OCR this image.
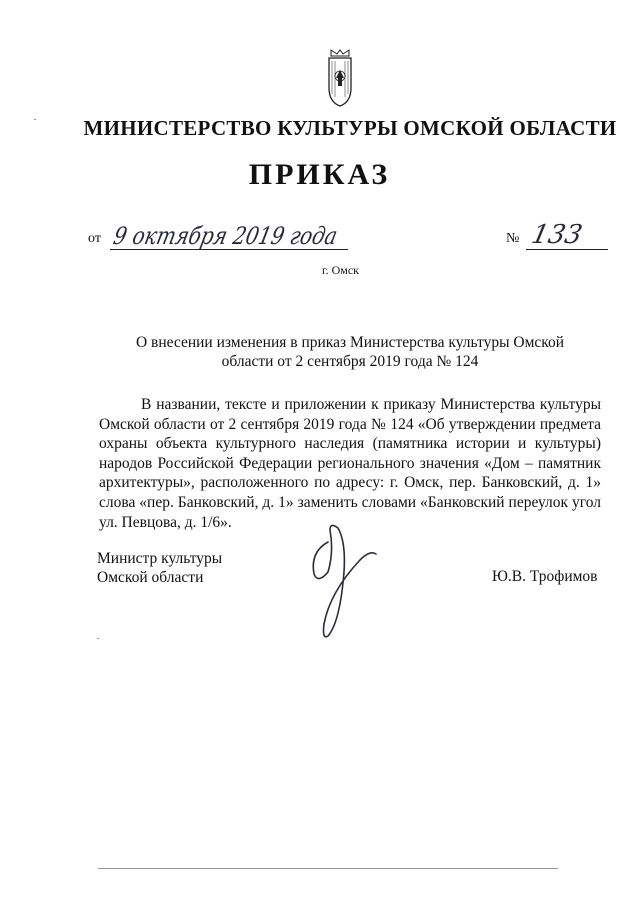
МИНИСТЕРСТВО КУЛЬТУРЫ ОМСКОЙ ОБЛАСТИ
ПРИКАЗ
от 9 октября 2019 года	№ 133
г. Омск
О внесении изменения в приказ Министерства культуры Омской
области от 2 сентября 2019 года № 124

В названии, тексте и приложении к приказу Министерства культуры Омской области от 2 сентября 2019 года № 124 «Об утверждении предмета охраны объекта культурного наследия (памятника истории и культуры) народов Российской Федерации регионального значения «Дом – памятник архитектуры», расположенного по адресу: г. Омск, пер. Банковский, д. 1» слова «пер. Банковский, д. 1» заменить словами «Банковский переулок угол ул. Певцова, д. 1/6».

Министр культуры
Омской области	Ю.В. Трофимов
